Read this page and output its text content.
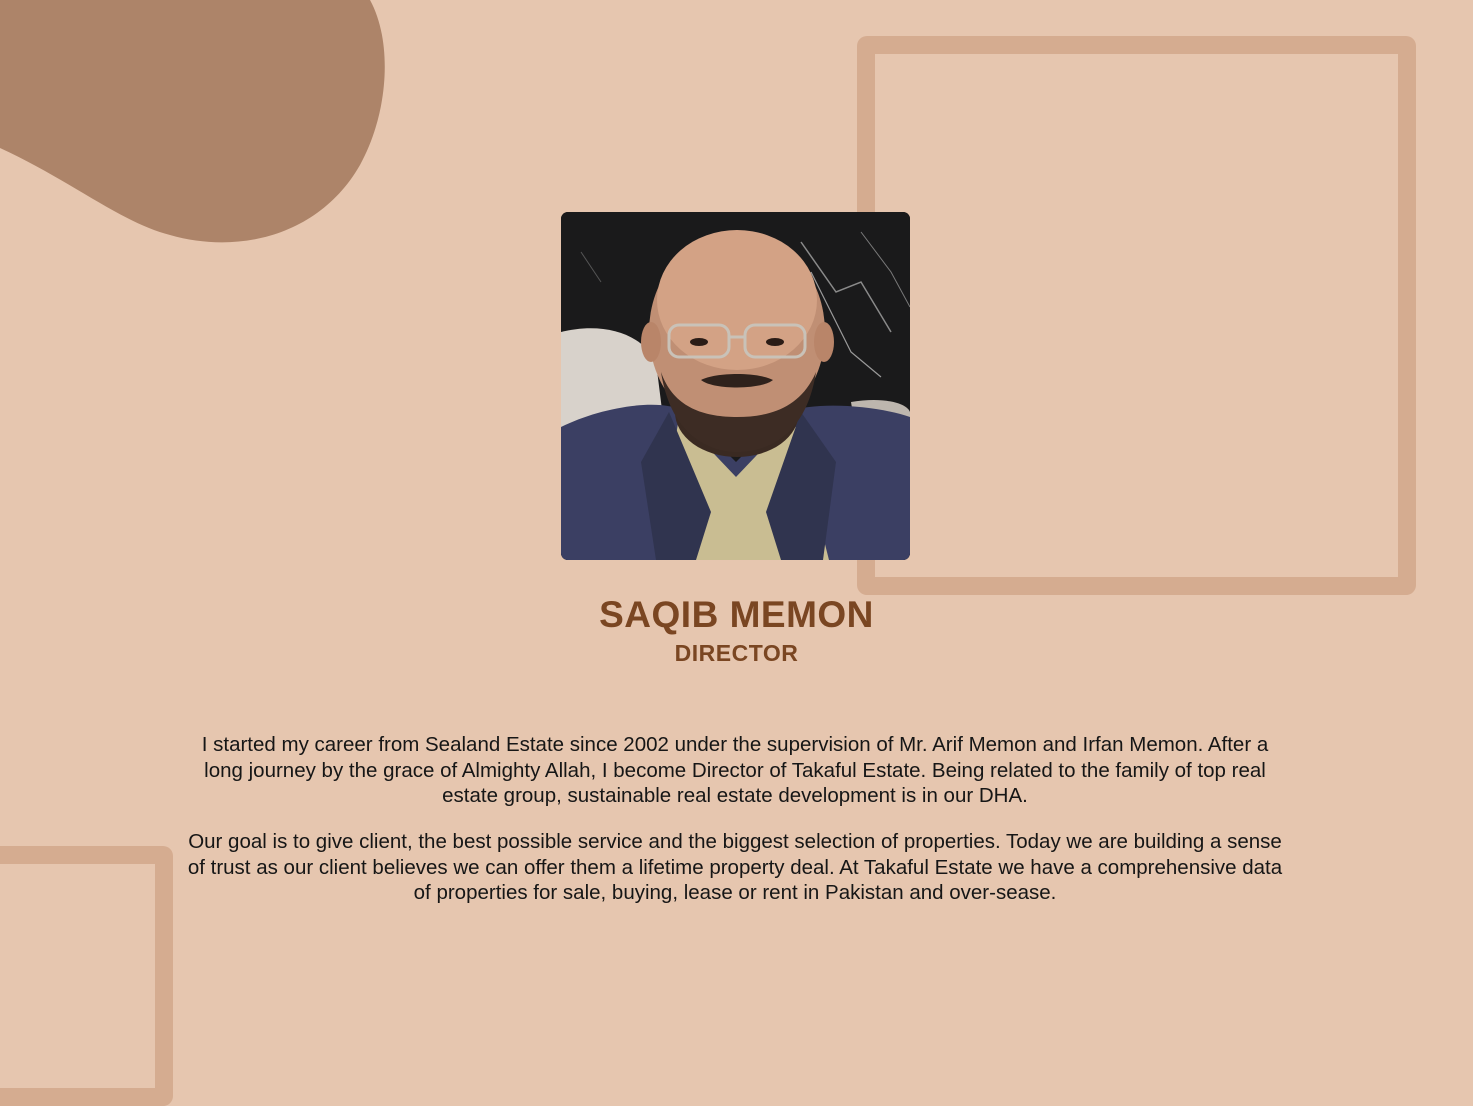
SAQIB MEMON
DIRECTOR

I started my career from Sealand Estate since 2002 under the supervision of Mr. Arif Memon and Irfan Memon. After a long journey by the grace of Almighty Allah, I become Director of Takaful Estate. Being related to the family of top real estate group, sustainable real estate development is in our DHA.

Our goal is to give client, the best possible service and the biggest selection of properties. Today we are building a sense of trust as our client believes we can offer them a lifetime property deal. At Takaful Estate we have a comprehensive data of properties for sale, buying, lease or rent in Pakistan and over-sease.
